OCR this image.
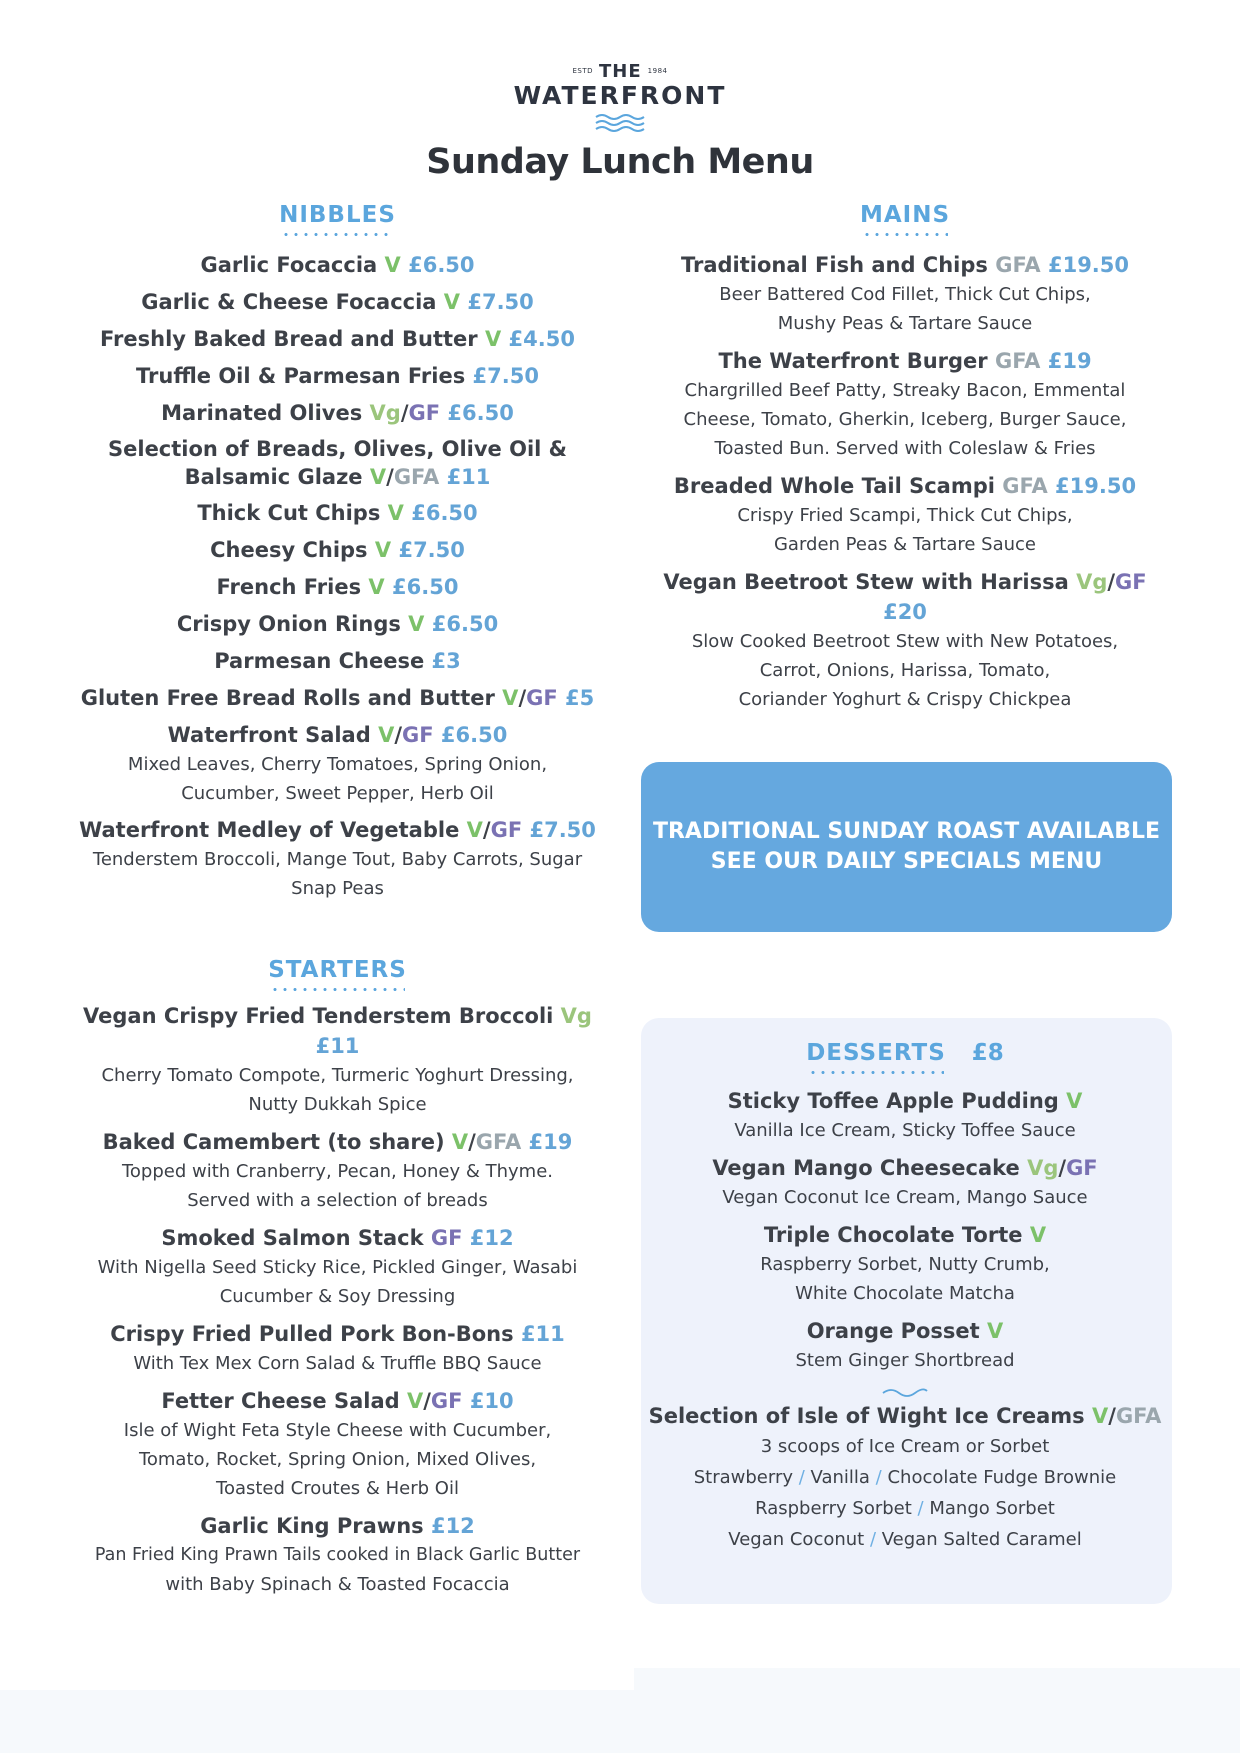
ESTD THE 1984
WATERFRONT
Sunday Lunch Menu
NIBBLES
Garlic Focaccia V £6.50
Garlic & Cheese Focaccia V £7.50
Freshly Baked Bread and Butter V £4.50
Truffle Oil & Parmesan Fries £7.50
Marinated Olives Vg/GF £6.50
Selection of Breads, Olives, Olive Oil &
Balsamic Glaze V/GFA £11
Thick Cut Chips V £6.50
Cheesy Chips V £7.50
French Fries V £6.50
Crispy Onion Rings V £6.50
Parmesan Cheese £3
Gluten Free Bread Rolls and Butter V/GF £5
Waterfront Salad V/GF £6.50
Mixed Leaves, Cherry Tomatoes, Spring Onion,
Cucumber, Sweet Pepper, Herb Oil
Waterfront Medley of Vegetable V/GF £7.50
Tenderstem Broccoli, Mange Tout, Baby Carrots, Sugar
Snap Peas
STARTERS
Vegan Crispy Fried Tenderstem Broccoli Vg £11
Cherry Tomato Compote, Turmeric Yoghurt Dressing,
Nutty Dukkah Spice
Baked Camembert (to share) V/GFA £19
Topped with Cranberry, Pecan, Honey & Thyme.
Served with a selection of breads
Smoked Salmon Stack GF £12
With Nigella Seed Sticky Rice, Pickled Ginger, Wasabi
Cucumber & Soy Dressing
Crispy Fried Pulled Pork Bon-Bons £11
With Tex Mex Corn Salad & Truffle BBQ Sauce
Fetter Cheese Salad V/GF £10
Isle of Wight Feta Style Cheese with Cucumber,
Tomato, Rocket, Spring Onion, Mixed Olives,
Toasted Croutes & Herb Oil
Garlic King Prawns £12
Pan Fried King Prawn Tails cooked in Black Garlic Butter
with Baby Spinach & Toasted Focaccia
MAINS
Traditional Fish and Chips GFA £19.50
Beer Battered Cod Fillet, Thick Cut Chips,
Mushy Peas & Tartare Sauce
The Waterfront Burger GFA £19
Chargrilled Beef Patty, Streaky Bacon, Emmental
Cheese, Tomato, Gherkin, Iceberg, Burger Sauce,
Toasted Bun. Served with Coleslaw & Fries
Breaded Whole Tail Scampi GFA £19.50
Crispy Fried Scampi, Thick Cut Chips,
Garden Peas & Tartare Sauce
Vegan Beetroot Stew with Harissa Vg/GF £20
Slow Cooked Beetroot Stew with New Potatoes,
Carrot, Onions, Harissa, Tomato,
Coriander Yoghurt & Crispy Chickpea
TRADITIONAL SUNDAY ROAST AVAILABLE
SEE OUR DAILY SPECIALS MENU
DESSERTS £8
Sticky Toffee Apple Pudding V
Vanilla Ice Cream, Sticky Toffee Sauce
Vegan Mango Cheesecake Vg/GF
Vegan Coconut Ice Cream, Mango Sauce
Triple Chocolate Torte V
Raspberry Sorbet, Nutty Crumb,
White Chocolate Matcha
Orange Posset V
Stem Ginger Shortbread
Selection of Isle of Wight Ice Creams V/GFA
3 scoops of Ice Cream or Sorbet
Strawberry / Vanilla / Chocolate Fudge Brownie
Raspberry Sorbet / Mango Sorbet
Vegan Coconut / Vegan Salted Caramel
